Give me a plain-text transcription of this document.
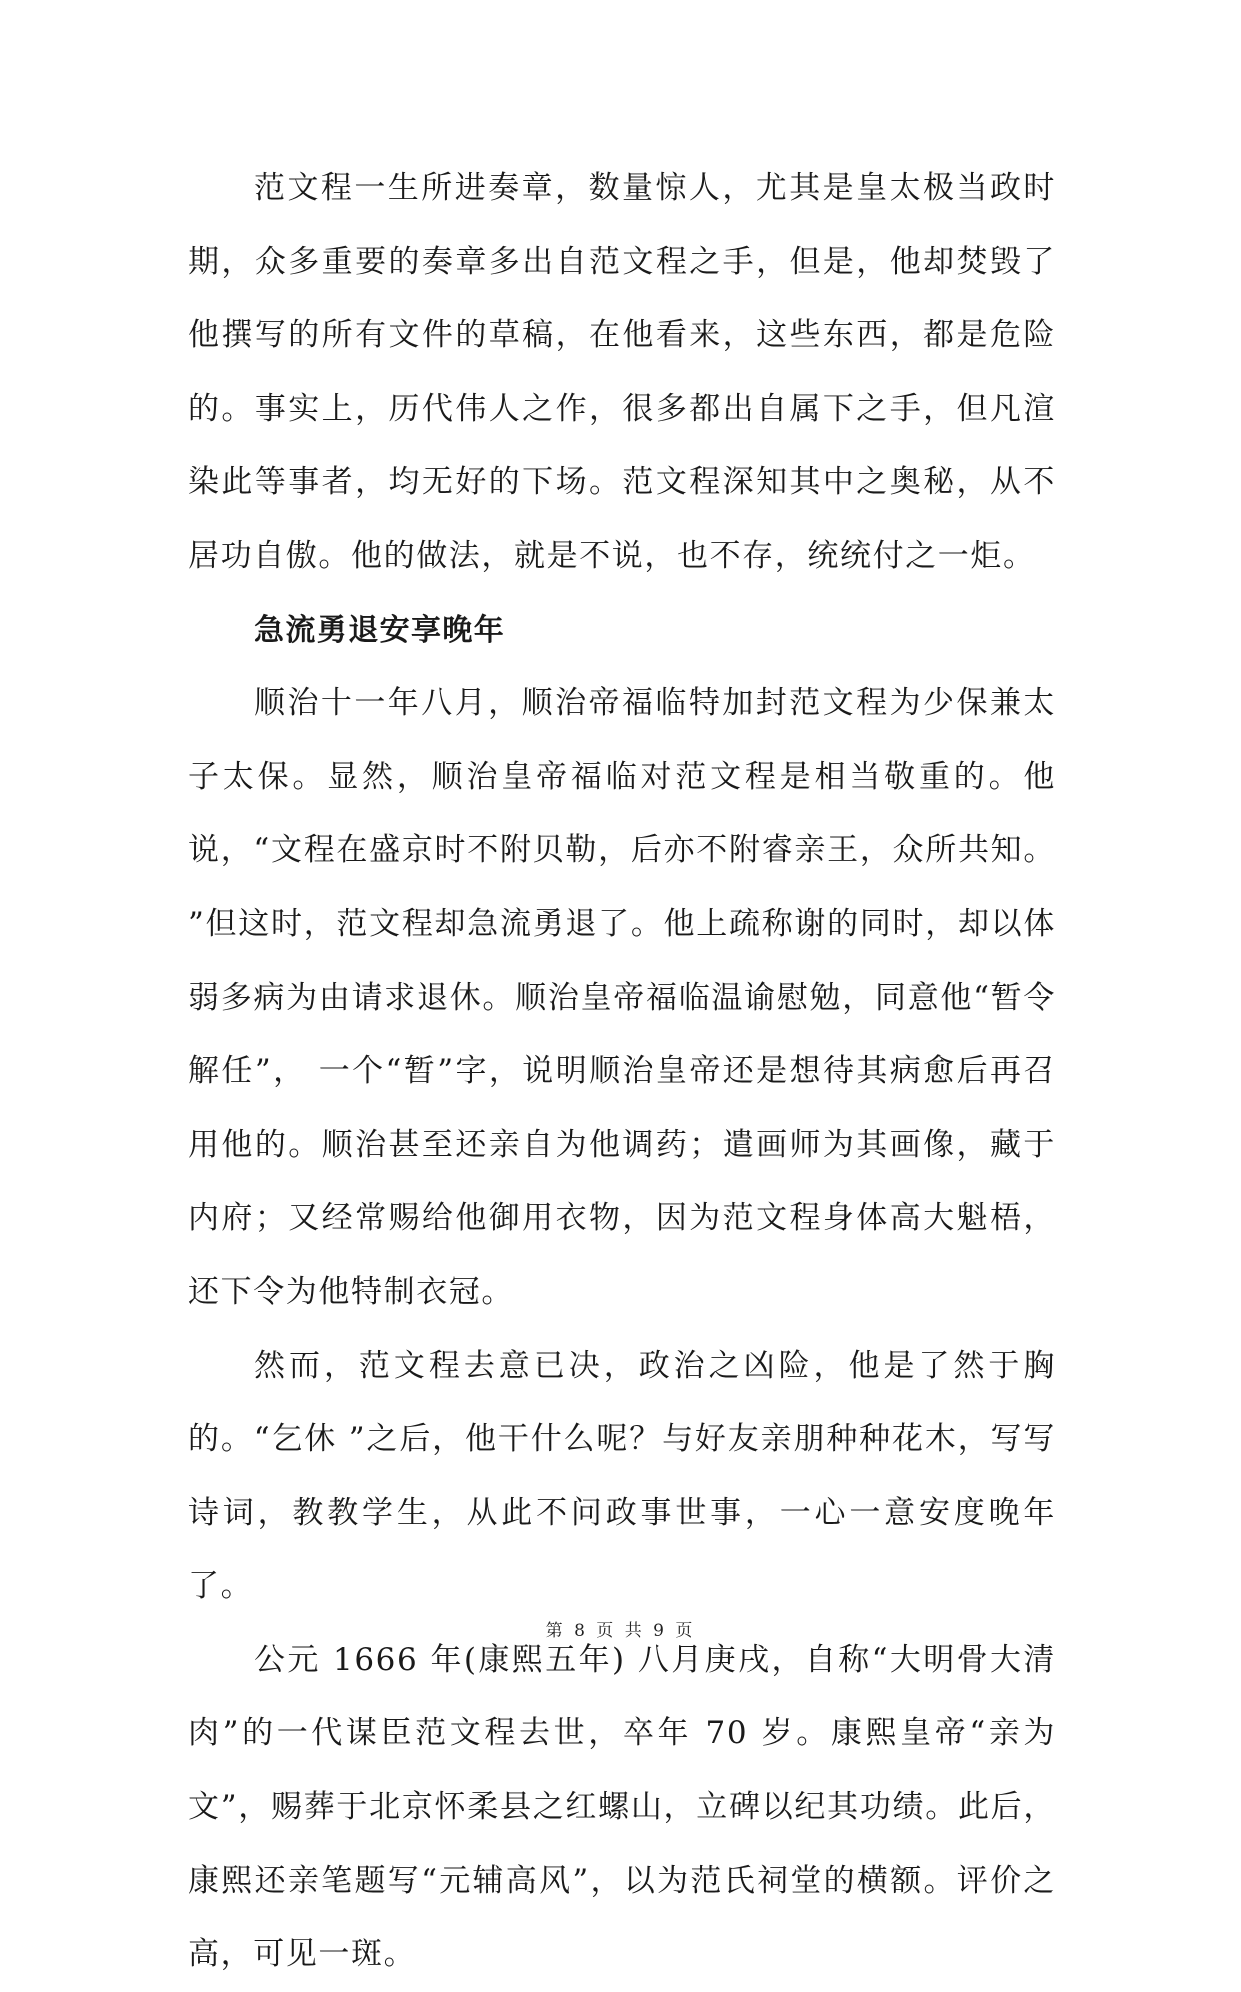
范文程一生所进奏章，数量惊人，尤其是皇太极当政时期，众多重要的奏章多出自范文程之手，但是，他却焚毁了他撰写的所有文件的草稿，在他看来，这些东西，都是危险的。事实上，历代伟人之作，很多都出自属下之手，但凡渲染此等事者，均无好的下场。范文程深知其中之奥秘，从不居功自傲。他的做法，就是不说，也不存，统统付之一炬。

急流勇退安享晚年

顺治十一年八月，顺治帝福临特加封范文程为少保兼太子太保。显然，顺治皇帝福临对范文程是相当敬重的。他说，“文程在盛京时不附贝勒，后亦不附睿亲王，众所共知。 ”但这时，范文程却急流勇退了。他上疏称谢的同时，却以体弱多病为由请求退休。顺治皇帝福临温谕慰勉，同意他“暂令解任”， 一个“暂”字，说明顺治皇帝还是想待其病愈后再召用他的。顺治甚至还亲自为他调药；遣画师为其画像，藏于内府；又经常赐给他御用衣物，因为范文程身体高大魁梧，还下令为他特制衣冠。

然而，范文程去意已决，政治之凶险，他是了然于胸的。“乞休 ”之后，他干什么呢？与好友亲朋种种花木，写写诗词，教教学生，从此不问政事世事，一心一意安度晚年了。

公元 1666 年(康熙五年) 八月庚戌，自称“大明骨大清肉”的一代谋臣范文程去世，卒年 70 岁。康熙皇帝“亲为文”，赐葬于北京怀柔县之红螺山，立碑以纪其功绩。此后，康熙还亲笔题写“元辅高风”，以为范氏祠堂的横额。评价之高，可见一斑。

第 8 页 共 9 页
